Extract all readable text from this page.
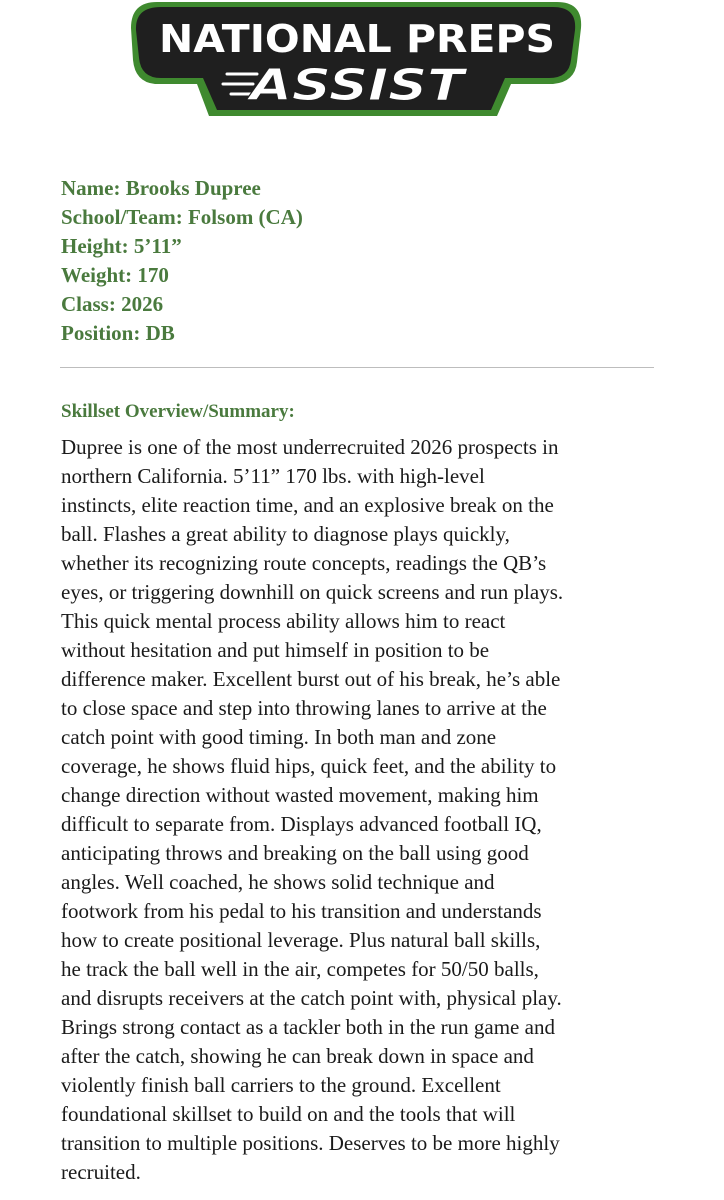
NATIONAL PREPS
ASSIST
Name: Brooks Dupree
School/Team: Folsom (CA)
Height: 5’11”
Weight: 170
Class: 2026
Position: DB
Skillset Overview/Summary:

Dupree is one of the most underrecruited 2026 prospects in
northern California. 5’11” 170 lbs. with high-level
instincts, elite reaction time, and an explosive break on the
ball. Flashes a great ability to diagnose plays quickly,
whether its recognizing route concepts, readings the QB’s
eyes, or triggering downhill on quick screens and run plays.
This quick mental process ability allows him to react
without hesitation and put himself in position to be
difference maker. Excellent burst out of his break, he’s able
to close space and step into throwing lanes to arrive at the
catch point with good timing. In both man and zone
coverage, he shows fluid hips, quick feet, and the ability to
change direction without wasted movement, making him
difficult to separate from. Displays advanced football IQ,
anticipating throws and breaking on the ball using good
angles. Well coached, he shows solid technique and
footwork from his pedal to his transition and understands
how to create positional leverage. Plus natural ball skills,
he track the ball well in the air, competes for 50/50 balls,
and disrupts receivers at the catch point with, physical play.
Brings strong contact as a tackler both in the run game and
after the catch, showing he can break down in space and
violently finish ball carriers to the ground. Excellent
foundational skillset to build on and the tools that will
transition to multiple positions. Deserves to be more highly
recruited.
